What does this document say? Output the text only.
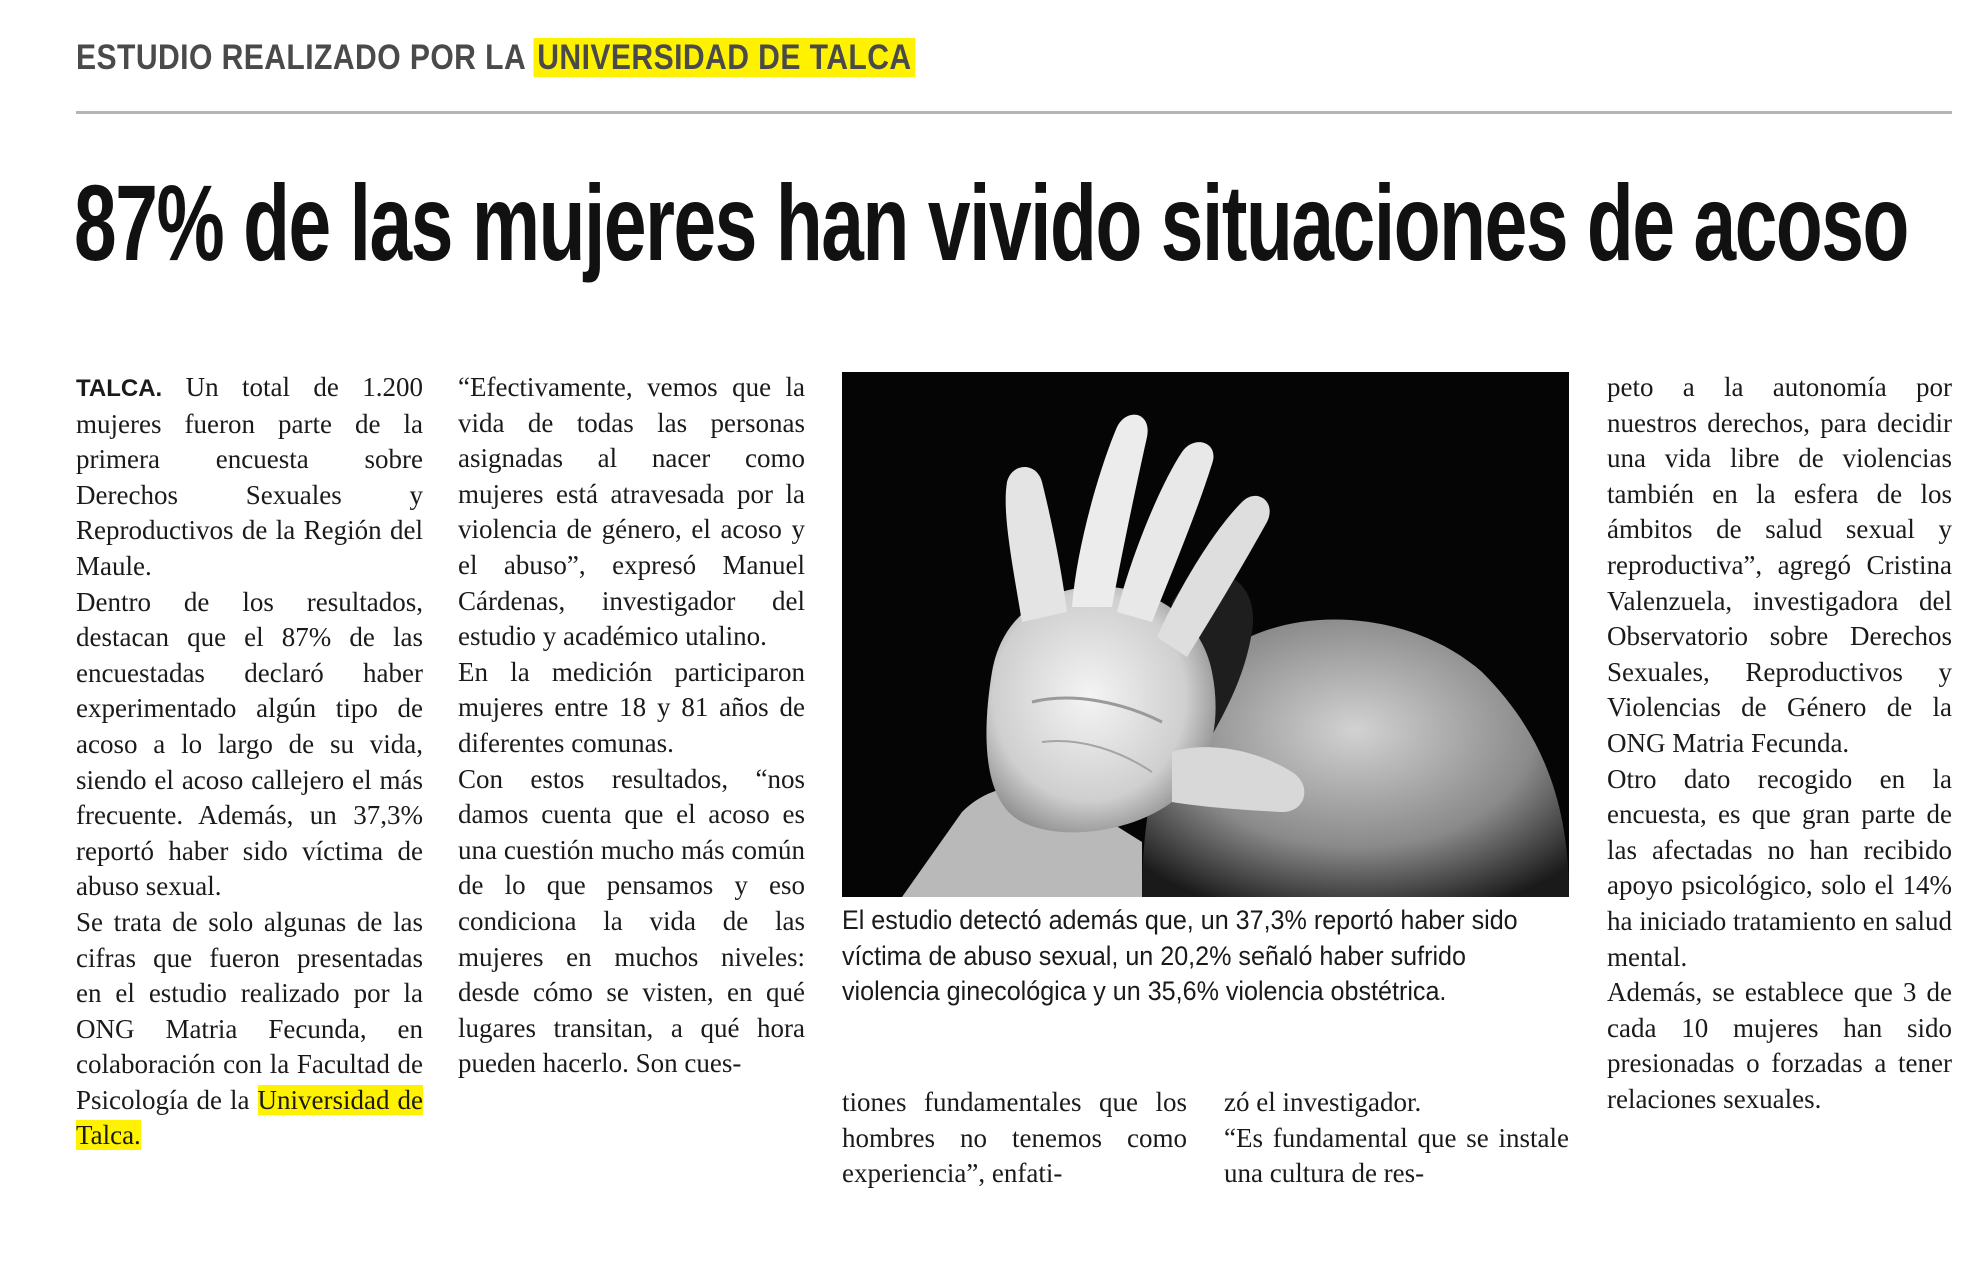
ESTUDIO REALIZADO POR LA UNIVERSIDAD DE TALCA
87% de las mujeres han vivido situaciones de acoso

TALCA. Un total de 1.200 mujeres fueron parte de la primera encuesta sobre Derechos Sexuales y Reproductivos de la Región del Maule.

Dentro de los resultados, destacan que el 87% de las encuestadas declaró haber experimentado algún tipo de acoso a lo largo de su vida, siendo el acoso callejero el más frecuente. Además, un 37,3% reportó haber sido víctima de abuso sexual.

Se trata de solo algunas de las cifras que fueron presentadas en el estudio realizado por la ONG Matria Fecunda, en colaboración con la Facultad de Psicología de la Universidad de Talca.

“Efectivamente, vemos que la vida de todas las personas asignadas al nacer como mujeres está atravesada por la violencia de género, el acoso y el abuso”, expresó Manuel Cárdenas, investigador del estudio y académico utalino.

En la medición participaron mujeres entre 18 y 81 años de diferentes comunas.

Con estos resultados, “nos damos cuenta que el acoso es una cuestión mucho más común de lo que pensamos y eso condiciona la vida de las mujeres en muchos niveles: desde cómo se visten, en qué lugares transitan, a qué hora pueden hacerlo. Son cues-

El estudio detectó además que, un 37,3% reportó haber sido víctima de abuso sexual, un 20,2% señaló haber sufrido violencia ginecológica y un 35,6% violencia obstétrica.

tiones fundamentales que los hombres no tenemos como experiencia”, enfati-

zó el investigador.

“Es fundamental que se instale una cultura de res-

peto a la autonomía por nuestros derechos, para decidir una vida libre de violencias también en la esfera de los ámbitos de salud sexual y reproductiva”, agregó Cristina Valenzuela, investigadora del Observatorio sobre Derechos Sexuales, Reproductivos y Violencias de Género de la ONG Matria Fecunda.

Otro dato recogido en la encuesta, es que gran parte de las afectadas no han recibido apoyo psicológico, solo el 14% ha iniciado tratamiento en salud mental.

Además, se establece que 3 de cada 10 mujeres han sido presionadas o forzadas a tener relaciones sexuales.
